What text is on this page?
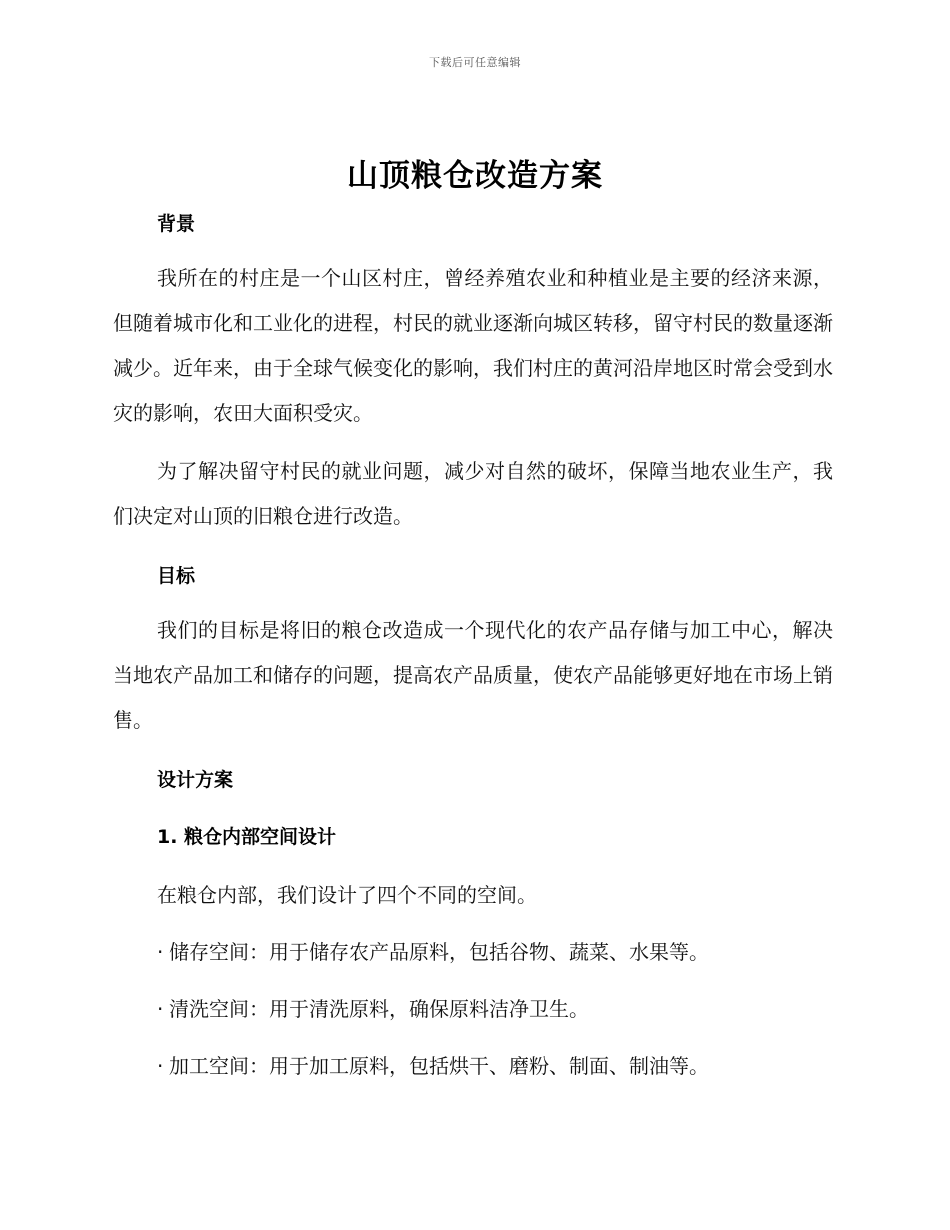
下载后可任意编辑
山顶粮仓改造方案
背景
我所在的村庄是一个山区村庄，曾经养殖农业和种植业是主要的经济来源，但随着城市化和工业化的进程，村民的就业逐渐向城区转移，留守村民的数量逐渐减少。近年来，由于全球气候变化的影响，我们村庄的黄河沿岸地区时常会受到水灾的影响，农田大面积受灾。
为了解决留守村民的就业问题，减少对自然的破坏，保障当地农业生产，我们决定对山顶的旧粮仓进行改造。
目标
我们的目标是将旧的粮仓改造成一个现代化的农产品存储与加工中心，解决当地农产品加工和储存的问题，提高农产品质量，使农产品能够更好地在市场上销售。
设计方案
1. 粮仓内部空间设计
在粮仓内部，我们设计了四个不同的空间。
· 储存空间：用于储存农产品原料，包括谷物、蔬菜、水果等。
· 清洗空间：用于清洗原料，确保原料洁净卫生。
· 加工空间：用于加工原料，包括烘干、磨粉、制面、制油等。
